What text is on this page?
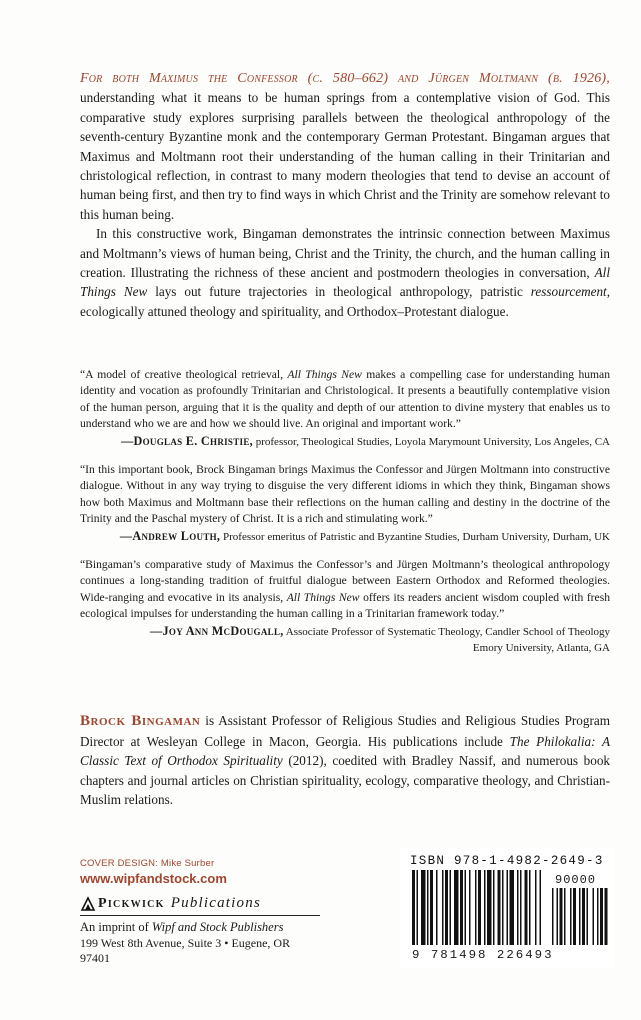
For both Maximus the Confessor (c. 580–662) and Jürgen Moltmann (b. 1926), understanding what it means to be human springs from a contemplative vision of God. This comparative study explores surprising parallels between the theological anthropology of the seventh-century Byzantine monk and the contemporary German Protestant. Bingaman argues that Maximus and Moltmann root their understanding of the human calling in their Trinitarian and christological reflection, in contrast to many modern theologies that tend to devise an account of human being first, and then try to find ways in which Christ and the Trinity are somehow relevant to this human being.

In this constructive work, Bingaman demonstrates the intrinsic connection between Maximus and Moltmann’s views of human being, Christ and the Trinity, the church, and the human calling in creation. Illustrating the richness of these ancient and postmodern theologies in conversation, All Things New lays out future trajectories in theological anthropology, patristic ressourcement, ecologically attuned theology and spirituality, and Orthodox–Protestant dialogue.

“A model of creative theological retrieval, All Things New makes a compelling case for understanding human identity and vocation as profoundly Trinitarian and Christological. It presents a beautifully contemplative vision of the human person, arguing that it is the quality and depth of our attention to divine mystery that enables us to understand who we are and how we should live. An original and important work.”

—Douglas E. Christie, professor, Theological Studies, Loyola Marymount University, Los Angeles, CA

“In this important book, Brock Bingaman brings Maximus the Confessor and Jürgen Moltmann into constructive dialogue. Without in any way trying to disguise the very different idioms in which they think, Bingaman shows how both Maximus and Moltmann base their reflections on the human calling and destiny in the doctrine of the Trinity and the Paschal mystery of Christ. It is a rich and stimulating work.”

—Andrew Louth, Professor emeritus of Patristic and Byzantine Studies, Durham University, Durham, UK

“Bingaman’s comparative study of Maximus the Confessor’s and Jürgen Moltmann’s theological anthropology continues a long-standing tradition of fruitful dialogue between Eastern Orthodox and Reformed theologies. Wide-ranging and evocative in its analysis, All Things New offers its readers ancient wisdom coupled with fresh ecological impulses for understanding the human calling in a Trinitarian framework today.”

—Joy Ann McDougall, Associate Professor of Systematic Theology, Candler School of Theology
Emory University, Atlanta, GA

Brock Bingaman is Assistant Professor of Religious Studies and Religious Studies Program Director at Wesleyan College in Macon, Georgia. His publications include The Philokalia: A Classic Text of Orthodox Spirituality (2012), coedited with Bradley Nassif, and numerous book chapters and journal articles on Christian spirituality, ecology, comparative theology, and Christian-Muslim relations.

COVER DESIGN: Mike Surber
www.wipfandstock.com
Pickwick Publications
An imprint of Wipf and Stock Publishers
199 West 8th Avenue, Suite 3 • Eugene, OR 97401
ISBN 978-1-4982-2649-3
90000
9 781498 226493
